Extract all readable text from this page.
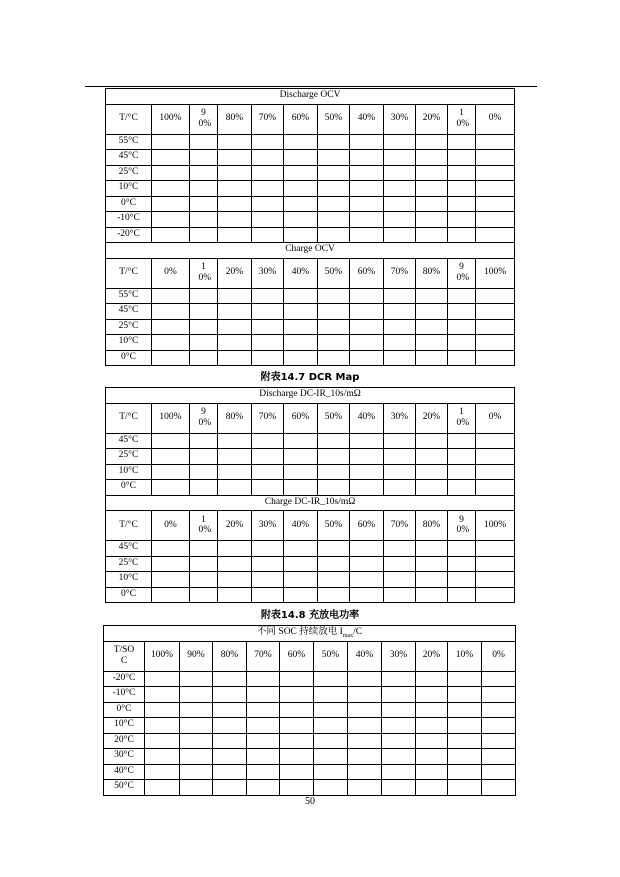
Discharge OCV											
T/°C	100%	90%	80%	70%	60%	50%	40%	30%	20%	10%	0%
55°C											
45°C											
25°C											
10°C											
0°C											
-10°C											
-20°C											
Charge OCV											
T/°C	0%	10%	20%	30%	40%	50%	60%	70%	80%	90%	100%
55°C											
45°C											
25°C											
10°C											
0°C											
附表14.7 DCR Map
Discharge DC-IR_10s/mΩ											
T/°C	100%	90%	80%	70%	60%	50%	40%	30%	20%	10%	0%
45°C											
25°C											
10°C											
0°C											
Charge DC-IR_10s/mΩ											
T/°C	0%	10%	20%	30%	40%	50%	60%	70%	80%	90%	100%
45°C											
25°C											
10°C											
0°C											
附表14.8 充放电功率
不同 SOC 持续放电 $I_{max}/C$											
T/SOC	100%	90%	80%	70%	60%	50%	40%	30%	20%	10%	0%
-20°C											
-10°C											
0°C											
10°C											
20°C											
30°C											
40°C											
50°C											
50
